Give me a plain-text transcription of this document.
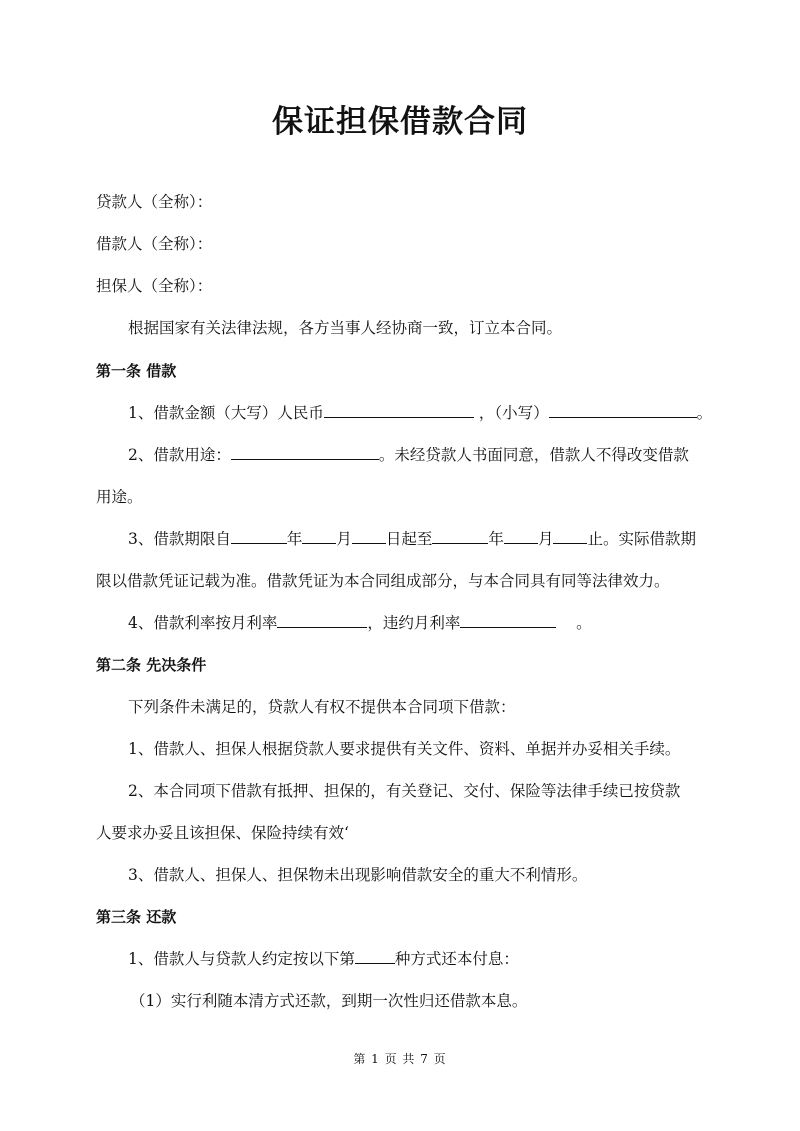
保证担保借款合同
贷款人（全称）：
借款人（全称）：
担保人（全称）：
根据国家有关法律法规，各方当事人经协商一致，订立本合同。
第一条 借款
1、借款金额（大写）人民币	，（小写）	。
2、借款用途：	。未经贷款人书面同意，借款人不得改变借款
用途。
3、借款期限自	年 月 日起至	年 月 止。实际借款期
限以借款凭证记载为准。借款凭证为本合同组成部分，与本合同具有同等法律效力。
4、借款利率按月利率	，违约月利率	。
第二条 先决条件
下列条件未满足的，贷款人有权不提供本合同项下借款：
1、借款人、担保人根据贷款人要求提供有关文件、资料、单据并办妥相关手续。
2、本合同项下借款有抵押、担保的，有关登记、交付、保险等法律手续已按贷款
人要求办妥且该担保、保险持续有效‘
3、借款人、担保人、担保物未出现影响借款安全的重大不利情形。
第三条 还款
1、借款人与贷款人约定按以下第	种方式还本付息：
（1）实行利随本清方式还款，到期一次性归还借款本息。
第 1 页 共 7 页
